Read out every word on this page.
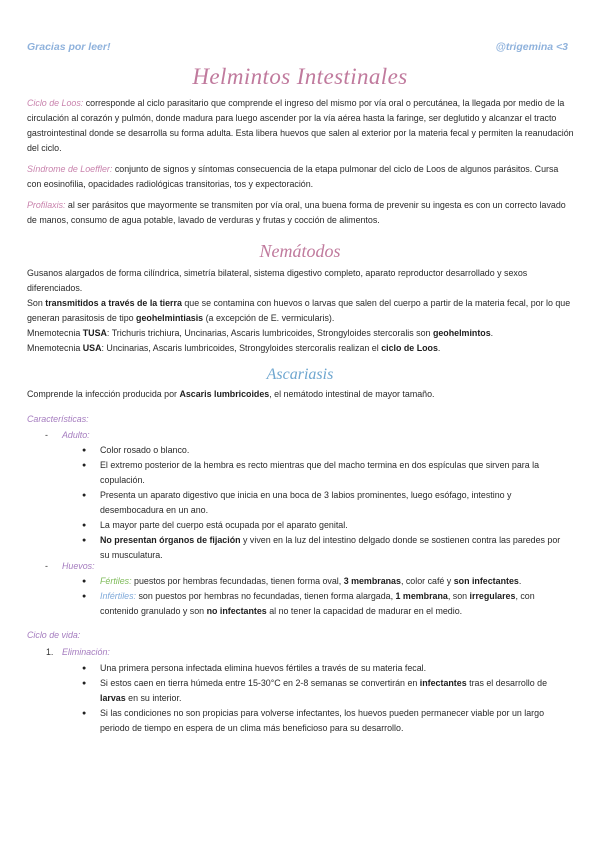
Gracias por leer!	@trigemina <3
Helmintos Intestinales

Ciclo de Loos: corresponde al ciclo parasitario que comprende el ingreso del mismo por vía oral o percutánea, la llegada por medio de la circulación al corazón y pulmón, donde madura para luego ascender por la vía aérea hasta la faringe, ser deglutido y alcanzar el tracto gastrointestinal donde se desarrolla su forma adulta. Esta libera huevos que salen al exterior por la materia fecal y permiten la reanudación del ciclo.

Síndrome de Loeffler: conjunto de signos y síntomas consecuencia de la etapa pulmonar del ciclo de Loos de algunos parásitos. Cursa con eosinofilia, opacidades radiológicas transitorias, tos y expectoración.

Profilaxis: al ser parásitos que mayormente se transmiten por vía oral, una buena forma de prevenir su ingesta es con un correcto lavado de manos, consumo de agua potable, lavado de verduras y frutas y cocción de alimentos.

Nemátodos

Gusanos alargados de forma cilíndrica, simetría bilateral, sistema digestivo completo, aparato reproductor desarrollado y sexos diferenciados.

Son transmitidos a través de la tierra que se contamina con huevos o larvas que salen del cuerpo a partir de la materia fecal, por lo que generan parasitosis de tipo geohelmintiasis (a excepción de E. vermicularis).

Mnemotecnia TUSA: Trichuris trichiura, Uncinarias, Ascaris lumbricoides, Strongyloides stercoralis son geohelmintos.

Mnemotecnia USA: Uncinarias, Ascaris lumbricoides, Strongyloides stercoralis realizan el ciclo de Loos.

Ascariasis

Comprende la infección producida por Ascaris lumbricoides, el nemátodo intestinal de mayor tamaño.

Características:
- Adulto:
● Color rosado o blanco.
● El extremo posterior de la hembra es recto mientras que del macho termina en dos espículas que sirven para la copulación.
● Presenta un aparato digestivo que inicia en una boca de 3 labios prominentes, luego esófago, intestino y desembocadura en un ano.
● La mayor parte del cuerpo está ocupada por el aparato genital.
● No presentan órganos de fijación y viven en la luz del intestino delgado donde se sostienen contra las paredes por su musculatura.
- Huevos:
● Fértiles: puestos por hembras fecundadas, tienen forma oval, 3 membranas, color café y son infectantes.
● Infértiles: son puestos por hembras no fecundadas, tienen forma alargada, 1 membrana, son irregulares, con contenido granulado y son no infectantes al no tener la capacidad de madurar en el medio.
Ciclo de vida:
1. Eliminación:
● Una primera persona infectada elimina huevos fértiles a través de su materia fecal.
● Si estos caen en tierra húmeda entre 15-30°C en 2-8 semanas se convertirán en infectantes tras el desarrollo de larvas en su interior.
● Si las condiciones no son propicias para volverse infectantes, los huevos pueden permanecer viable por un largo periodo de tiempo en espera de un clima más beneficioso para su desarrollo.
